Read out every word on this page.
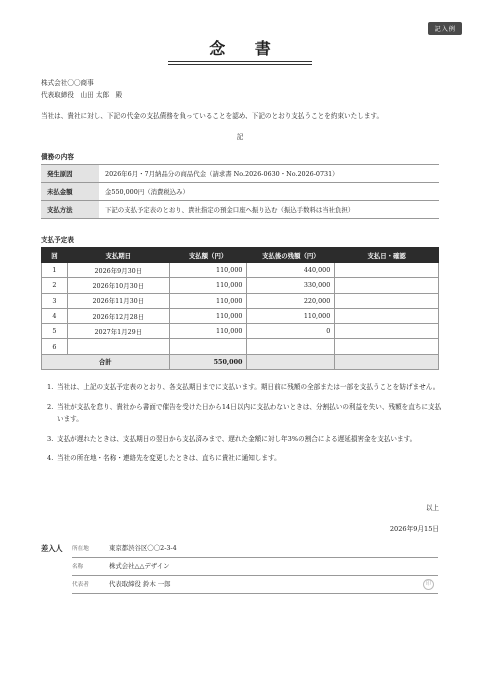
記入例
念 書
株式会社〇〇商事
代表取締役　山田 太郎　殿
当社は、貴社に対し、下記の代金の支払債務を負っていることを認め、下記のとおり支払うことを約束いたします。
記
債務の内容
発生原因	2026年6月・7月納品分の商品代金（請求書 No.2026-0630・No.2026-0731）
未払金額	金550,000円（消費税込み）
支払方法	下記の支払予定表のとおり、貴社指定の預金口座へ振り込む（振込手数料は当社負担）
支払予定表
回	支払期日	支払額（円）	支払後の残額（円）	支払日・確認
1	2026年9月30日	110,000	440,000	
2	2026年10月30日	110,000	330,000	
3	2026年11月30日	110,000	220,000	
4	2026年12月28日	110,000	110,000	
5	2027年1月29日	110,000	0	
6				
合計		550,000		
1. 当社は、上記の支払予定表のとおり、各支払期日までに支払います。期日前に残額の全部または一部を支払うことを妨げません。
2. 当社が支払を怠り、貴社から書面で催告を受けた日から14日以内に支払わないときは、分割払いの利益を失い、残額を直ちに支払います。
3. 支払が遅れたときは、支払期日の翌日から支払済みまで、遅れた金額に対し年3%の割合による遅延損害金を支払います。
4. 当社の所在地・名称・連絡先を変更したときは、直ちに貴社に通知します。
以上
2026年9月15日
差入人 所在地	東京都渋谷区〇〇2-3-4
名称	株式会社△△デザイン
代表者	代表取締役 鈴木 一郎	印
